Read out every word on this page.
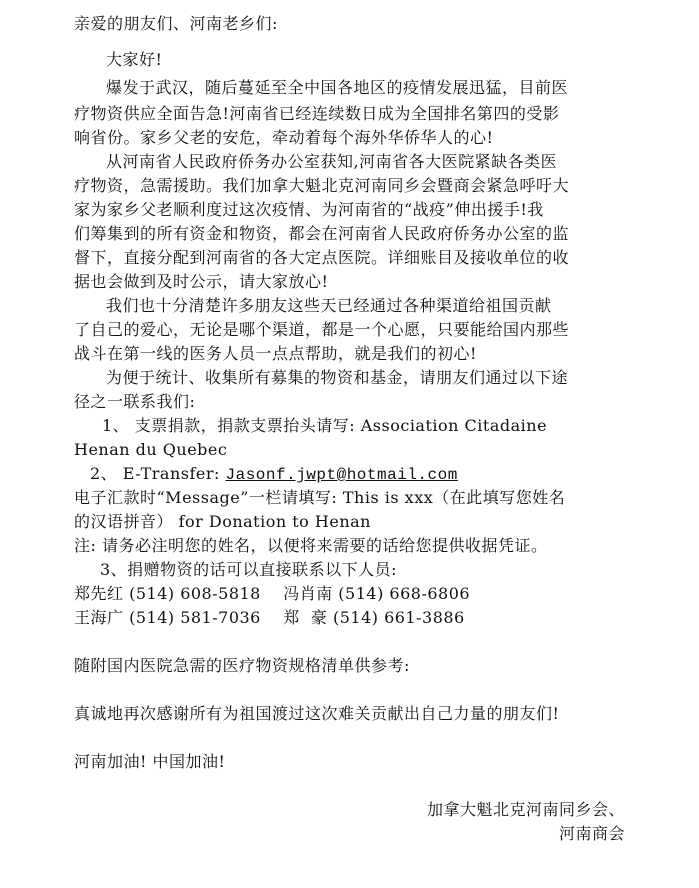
亲爱的朋友们、河南老乡们:
大家好!
爆发于武汉，随后蔓延至全中国各地区的疫情发展迅猛，目前医
疗物资供应全面告急!河南省已经连续数日成为全国排名第四的受影
响省份。家乡父老的安危，牵动着每个海外华侨华人的心!
从河南省人民政府侨务办公室获知,河南省各大医院紧缺各类医
疗物资，急需援助。我们加拿大魁北克河南同乡会暨商会紧急呼吁大
家为家乡父老顺利度过这次疫情、为河南省的“战疫”伸出援手!我
们筹集到的所有资金和物资，都会在河南省人民政府侨务办公室的监
督下，直接分配到河南省的各大定点医院。详细账目及接收单位的收
据也会做到及时公示，请大家放心!
我们也十分清楚许多朋友这些天已经通过各种渠道给祖国贡献
了自己的爱心，无论是哪个渠道，都是一个心愿，只要能给国内那些
战斗在第一线的医务人员一点点帮助，就是我们的初心!
为便于统计、收集所有募集的物资和基金，请朋友们通过以下途
径之一联系我们:
1、 支票捐款，捐款支票抬头请写: Association Citadaine
Henan du Quebec
2、 E-Transfer: Jasonf.jwpt@hotmail.com
电子汇款时“Message”一栏请填写: This is xxx（在此填写您姓名
的汉语拼音） for Donation to Henan
注: 请务必注明您的姓名，以便将来需要的话给您提供收据凭证。
3、捐赠物资的话可以直接联系以下人员:
郑先红 (514) 608-5818    冯肖南 (514) 668-6806
王海广 (514) 581-7036    郑  豪 (514) 661-3886
随附国内医院急需的医疗物资规格清单供参考:
真诚地再次感谢所有为祖国渡过这次难关贡献出自己力量的朋友们!
河南加油! 中国加油!
加拿大魁北克河南同乡会、
河南商会
